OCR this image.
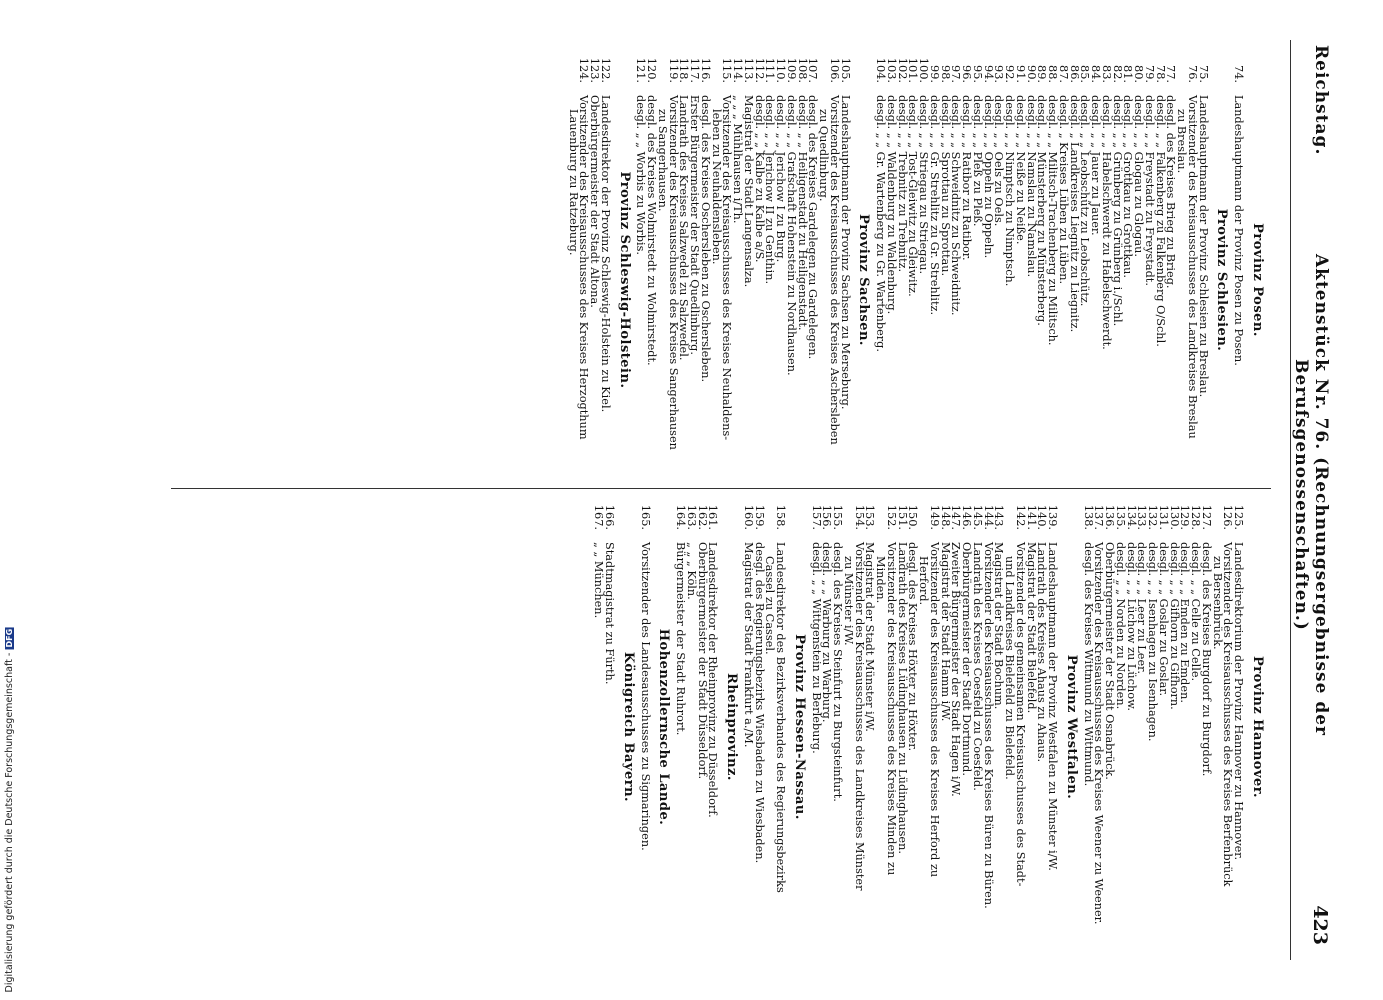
Reichstag.
Aktenstück Nr. 76. (Rechnungsergebnisse der Berufsgenossenschaften.)
423
Provinz Posen.
74.
Landeshauptmann der Provinz Posen zu Posen.
Provinz Schlesien.
75.
Landeshauptmann der Provinz Schlesien zu Breslau.
76.
Vorsitzender des Kreisausschusses des Landkreises Breslau
zu Breslau.
77.
desgl. des Kreises Brieg zu Brieg.
78.
desgl. „ „ Falkenberg zu Falkenberg O/Schl.
79.
desgl. „ „ Freystadt zu Freystadt.
80.
desgl. „ „ Glogau zu Glogau.
81.
desgl. „ „ Grottkau zu Grottkau.
82.
desgl. „ „ Grünberg zu Grünberg i./Schl.
83.
desgl. „ „ Habelschwerdt zu Habelschwerdt.
84.
desgl. „ „ Jauer zu Jauer.
85.
desgl. „ „ Leobschütz zu Leobschütz.
86.
desgl. „ Landkreises Liegnitz zu Liegnitz.
87.
desgl. „ Kreises Lüben zu Lüben.
88.
desgl. „ „ Militsch-Trachenberg zu Militsch.
89.
desgl. „ „ Münsterberg zu Münsterberg.
90.
desgl. „ „ Namslau zu Namslau.
91.
desgl. „ „ Neiße zu Neiße.
92.
desgl. „ „ Nimptsch zu Nimptsch.
93.
desgl. „ „ Oels zu Oels.
94.
desgl. „ „ Oppeln zu Oppeln.
95.
desgl. „ „ Pleß zu Pleß.
96.
desgl. „ „ Ratibor zu Ratibor.
97.
desgl. „ „ Schweidnitz zu Schweidnitz.
98.
desgl. „ „ Sprottau zu Sprottau.
99.
desgl. „ „ Gr. Strehlitz zu Gr. Strehlitz.
100.
desgl. „ „ Striegau zu Striegau.
101.
desgl. „ „ Tost-Gleiwitz zu Gleiwitz.
102.
desgl. „ „ Trebnitz zu Trebnitz.
103.
desgl. „ „ Waldenburg zu Waldenburg.
104.
desgl. „ „ Gr. Wartenberg zu Gr. Wartenberg.
Provinz Sachsen.
105.
Landeshauptmann der Provinz Sachsen zu Merseburg.
106.
Vorsitzender des Kreisausschusses des Kreises Aschersleben
zu Quedlinburg.
107.
desgl. des Kreises Gardelegen zu Gardelegen.
108.
desgl. „ „ Heiligenstadt zu Heiligenstadt.
109.
desgl. „ „ Grafschaft Hohenstein zu Nordhausen.
110.
desgl. „ „ Jerichow I zu Burg.
111.
desgl. „ „ Jerichow II zu Genthin.
112.
desgl. „ „ Kalbe zu Kalbe a/S.
113.
Magistrat der Stadt Langensalza.
114.
„ „ „ Mühlhausen i/Th.
115.
Vorsitzender des Kreisausschusses des Kreises Neuhaldens-
leben zu Neuhaldensleben.
116.
desgl. des Kreises Oschersleben zu Oschersleben.
117.
Erster Bürgermeister der Stadt Quedlinburg.
118.
Landrath des Kreises Salzwedel zu Salzwedel.
119.
Vorsitzender des Kreisausschusses des Kreises Sangerhausen
zu Sangerhausen.
120.
desgl. des Kreises Wolmirstedt zu Wolmirstedt.
121.
desgl. „ „ Worbis zu Worbis.
Provinz Schleswig-Holstein.
122.
Landesdirektor der Provinz Schleswig-Holstein zu Kiel.
123.
Oberbürgermeister der Stadt Altona.
124.
Vorsitzender des Kreisausschusses des Kreises Herzogthum
Lauenburg zu Ratzeburg.
Provinz Hannover.
125.
Landesdirektorium der Provinz Hannover zu Hannover.
126.
Vorsitzender des Kreisausschusses des Kreises Berfenbrück
zu Bersenbrück.
127.
desgl. des Kreises Burgdorf zu Burgdorf.
128.
desgl. „ „ Celle zu Celle.
129.
desgl. „ „ Emden zu Emden.
130.
desgl. „ „ Gifhorn zu Gifhorn.
131.
desgl. „ „ Goslar zu Goslar.
132.
desgl. „ „ Isenhagen zu Isenhagen.
133.
desgl. „ „ Leer zu Leer.
134.
desgl. „ „ Lüchow zu Lüchow.
135.
desgl. „ „ Norden zu Norden.
136.
Oberbürgermeister der Stadt Osnabrück.
137.
Vorsitzender des Kreisausschusses des Kreises Weener zu Weener.
138.
desgl. des Kreises Wittmund zu Wittmund.
Provinz Westfalen.
139.
Landeshauptmann der Provinz Westfalen zu Münster i/W.
140.
Landrath des Kreises Ahaus zu Ahaus.
141.
Magistrat der Stadt Bielefeld.
142.
Vorsitzender des gemeinsamen Kreisausschusses des Stadt-
und Landkreises Bielefeld zu Bielefeld.
143.
Magistrat der Stadt Bochum.
144.
Vorsitzender des Kreisausschusses des Kreises Büren zu Büren.
145.
Landrath des Kreises Coesfeld zu Coesfeld.
146.
Oberbürgermeister der Stadt Dortmund.
147.
Zweiter Bürgermeister der Stadt Hagen i/W.
148.
Magistrat der Stadt Hamm i/W.
149.
Vorsitzender des Kreisausschusses des Kreises Herford zu
Herford.
150.
desgl. des Kreises Höxter zu Höxter.
151.
Landrath des Kreises Lüdinghausen zu Lüdinghausen.
152.
Vorsitzender des Kreisausschusses des Kreises Minden zu
Minden.
153.
Magistrat der Stadt Münster i/W.
154.
Vorsitzender des Kreisausschusses des Landkreises Münster
zu Münster i/W.
155.
desgl. des Kreises Steinfurt zu Burgsteinfurt.
156.
desgl. „ „ Warburg zu Warburg.
157.
desgl. „ „ Wittgenstein zu Berleburg.
Provinz Hessen-Nassau.
158.
Landesdirektor des Bezirksverbandes des Regierungsbezirks
Cassel zu Cassel.
159.
desgl. des Regierungsbezirks Wiesbaden zu Wiesbaden.
160.
Magistrat der Stadt Frankfurt a./M.
Rheinprovinz.
161.
Landesdirektor der Rheinprovinz zu Düsseldorf.
162.
Oberbürgermeister der Stadt Düsseldorf.
163.
„ „ „ Köln.
164.
Bürgermeister der Stadt Ruhrort.
Hohenzollernsche Lande.
165.
Vorsitzender des Landesausschusses zu Sigmaringen.
Königreich Bayern.
166.
Stadtmagistrat zu Fürth.
167.
„ „ München.
Digitalisierung gefördert durch die Deutsche Forschungsgemeinschaft - DFG
